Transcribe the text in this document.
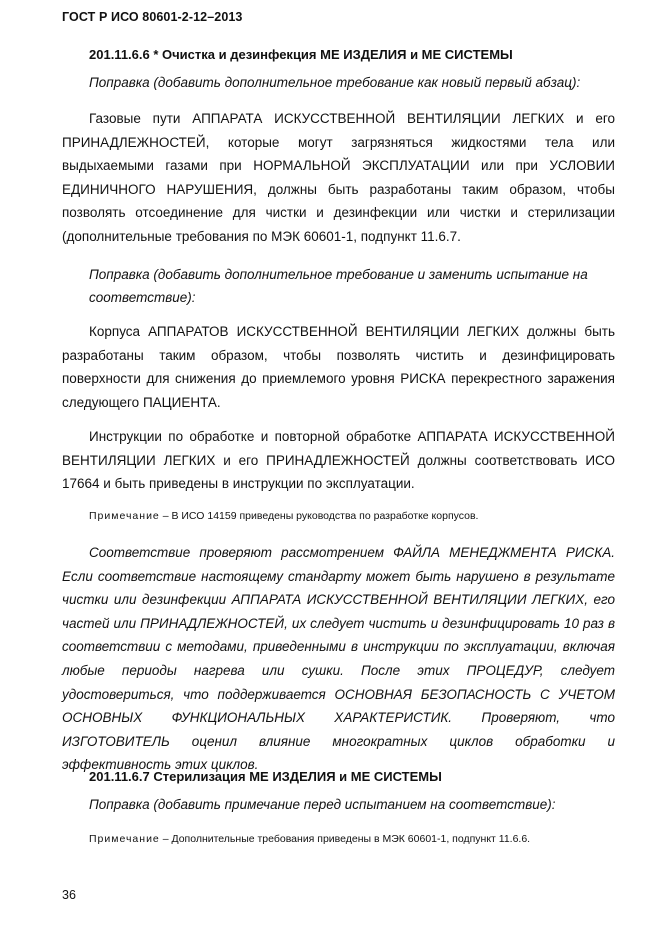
ГОСТ Р ИСО 80601-2-12–2013
201.11.6.6 * Очистка и дезинфекция МЕ ИЗДЕЛИЯ и МЕ СИСТЕМЫ
Поправка (добавить дополнительное требование как новый первый абзац):
Газовые пути АППАРАТА ИСКУССТВЕННОЙ ВЕНТИЛЯЦИИ ЛЕГКИХ и его ПРИНАДЛЕЖНОСТЕЙ, которые могут загрязняться жидкостями тела или выдыхаемыми газами при НОРМАЛЬНОЙ ЭКСПЛУАТАЦИИ или при УСЛОВИИ ЕДИНИЧНОГО НАРУШЕНИЯ, должны быть разработаны таким образом, чтобы позволять отсоединение для чистки и дезинфекции или чистки и стерилизации (дополнительные требования по МЭК 60601-1, подпункт 11.6.7.
Поправка (добавить дополнительное требование и заменить испытание на соответствие):
Корпуса АППАРАТОВ ИСКУССТВЕННОЙ ВЕНТИЛЯЦИИ ЛЕГКИХ должны быть разработаны таким образом, чтобы позволять чистить и дезинфицировать поверхности для снижения до приемлемого уровня РИСКА перекрестного заражения следующего ПАЦИЕНТА.
Инструкции по обработке и повторной обработке АППАРАТА ИСКУССТВЕННОЙ ВЕНТИЛЯЦИИ ЛЕГКИХ и его ПРИНАДЛЕЖНОСТЕЙ должны соответствовать ИСО 17664 и быть приведены в инструкции по эксплуатации.
Примечание – В ИСО 14159 приведены руководства по разработке корпусов.
Соответствие проверяют рассмотрением ФАЙЛА МЕНЕДЖМЕНТА РИСКА. Если соответствие настоящему стандарту может быть нарушено в результате чистки или дезинфекции АППАРАТА ИСКУССТВЕННОЙ ВЕНТИЛЯЦИИ ЛЕГКИХ, его частей или ПРИНАДЛЕЖНОСТЕЙ, их следует чистить и дезинфицировать 10 раз в соответствии с методами, приведенными в инструкции по эксплуатации, включая любые периоды нагрева или сушки. После этих ПРОЦЕДУР, следует удостовериться, что поддерживается ОСНОВНАЯ БЕЗОПАСНОСТЬ С УЧЕТОМ ОСНОВНЫХ ФУНКЦИОНАЛЬНЫХ ХАРАКТЕРИСТИК. Проверяют, что ИЗГОТОВИТЕЛЬ оценил влияние многократных циклов обработки и эффективность этих циклов.
201.11.6.7 Стерилизация МЕ ИЗДЕЛИЯ и МЕ СИСТЕМЫ
Поправка (добавить примечание перед испытанием на соответствие):
Примечание – Дополнительные требования приведены в МЭК 60601-1, подпункт 11.6.6.
36
